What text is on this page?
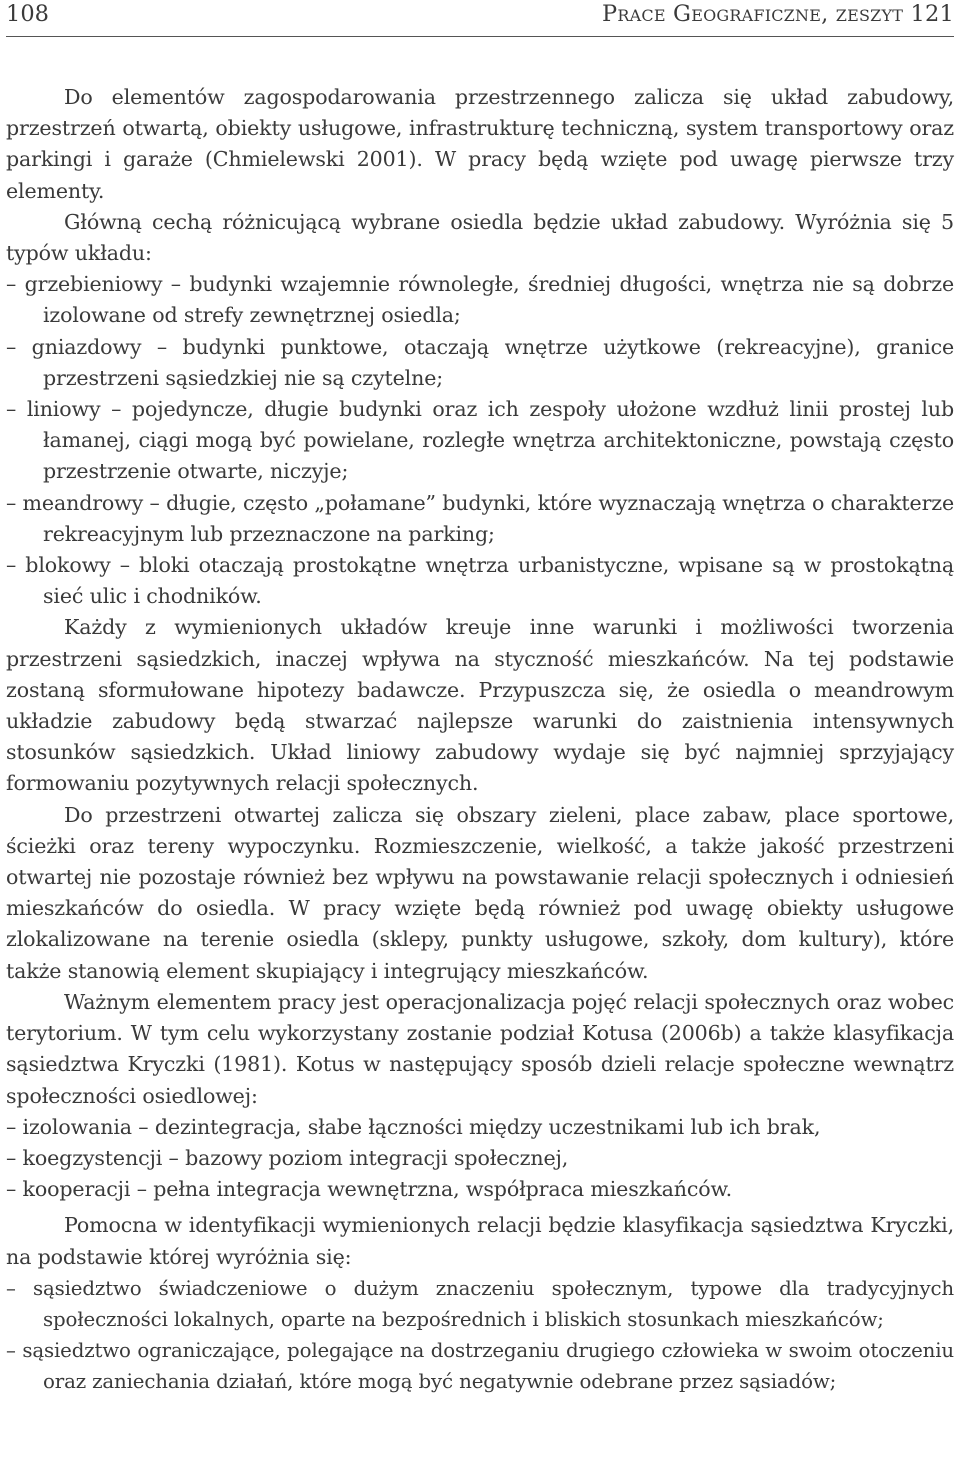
108	Prace Geograficzne, zeszyt 121

Do elementów zagospodarowania przestrzennego zalicza się układ zabudowy, przestrzeń otwartą, obiekty usługowe, infrastrukturę techniczną, system transportowy oraz parkingi i garaże (Chmielewski 2001). W pracy będą wzięte pod uwagę pierwsze trzy elementy.

Główną cechą różnicującą wybrane osiedla będzie układ zabudowy. Wyróżnia się 5 typów układu:

– grzebieniowy – budynki wzajemnie równoległe, średniej długości, wnętrza nie są dobrze izolowane od strefy zewnętrznej osiedla;
– gniazdowy – budynki punktowe, otaczają wnętrze użytkowe (rekreacyjne), granice przestrzeni sąsiedzkiej nie są czytelne;
– liniowy – pojedyncze, długie budynki oraz ich zespoły ułożone wzdłuż linii prostej lub łamanej, ciągi mogą być powielane, rozległe wnętrza architektoniczne, powstają często przestrzenie otwarte, niczyje;
– meandrowy – długie, często „połamane” budynki, które wyznaczają wnętrza o charakterze rekreacyjnym lub przeznaczone na parking;
– blokowy – bloki otaczają prostokątne wnętrza urbanistyczne, wpisane są w prostokątną sieć ulic i chodników.

Każdy z wymienionych układów kreuje inne warunki i możliwości tworzenia przestrzeni sąsiedzkich, inaczej wpływa na styczność mieszkańców. Na tej podstawie zostaną sformułowane hipotezy badawcze. Przypuszcza się, że osiedla o meandrowym układzie zabudowy będą stwarzać najlepsze warunki do zaistnienia intensywnych stosunków sąsiedzkich. Układ liniowy zabudowy wydaje się być najmniej sprzyjający formowaniu pozytywnych relacji społecznych.

Do przestrzeni otwartej zalicza się obszary zieleni, place zabaw, place sportowe, ścieżki oraz tereny wypoczynku. Rozmieszczenie, wielkość, a także jakość przestrzeni otwartej nie pozostaje również bez wpływu na powstawanie relacji społecznych i odniesień mieszkańców do osiedla. W pracy wzięte będą również pod uwagę obiekty usługowe zlokalizowane na terenie osiedla (sklepy, punkty usługowe, szkoły, dom kultury), które także stanowią element skupiający i integrujący mieszkańców.

Ważnym elementem pracy jest operacjonalizacja pojęć relacji społecznych oraz wobec terytorium. W tym celu wykorzystany zostanie podział Kotusa (2006b) a także klasyfikacja sąsiedztwa Kryczki (1981). Kotus w następujący sposób dzieli relacje społeczne wewnątrz społeczności osiedlowej:

– izolowania – dezintegracja, słabe łączności między uczestnikami lub ich brak,
– koegzystencji – bazowy poziom integracji społecznej,
– kooperacji – pełna integracja wewnętrzna, współpraca mieszkańców.

Pomocna w identyfikacji wymienionych relacji będzie klasyfikacja sąsiedztwa Kryczki, na podstawie której wyróżnia się:

– sąsiedztwo świadczeniowe o dużym znaczeniu społecznym, typowe dla tradycyjnych społeczności lokalnych, oparte na bezpośrednich i bliskich stosunkach mieszkańców;
– sąsiedztwo ograniczające, polegające na dostrzeganiu drugiego człowieka w swoim otoczeniu oraz zaniechania działań, które mogą być negatywnie odebrane przez sąsiadów;
